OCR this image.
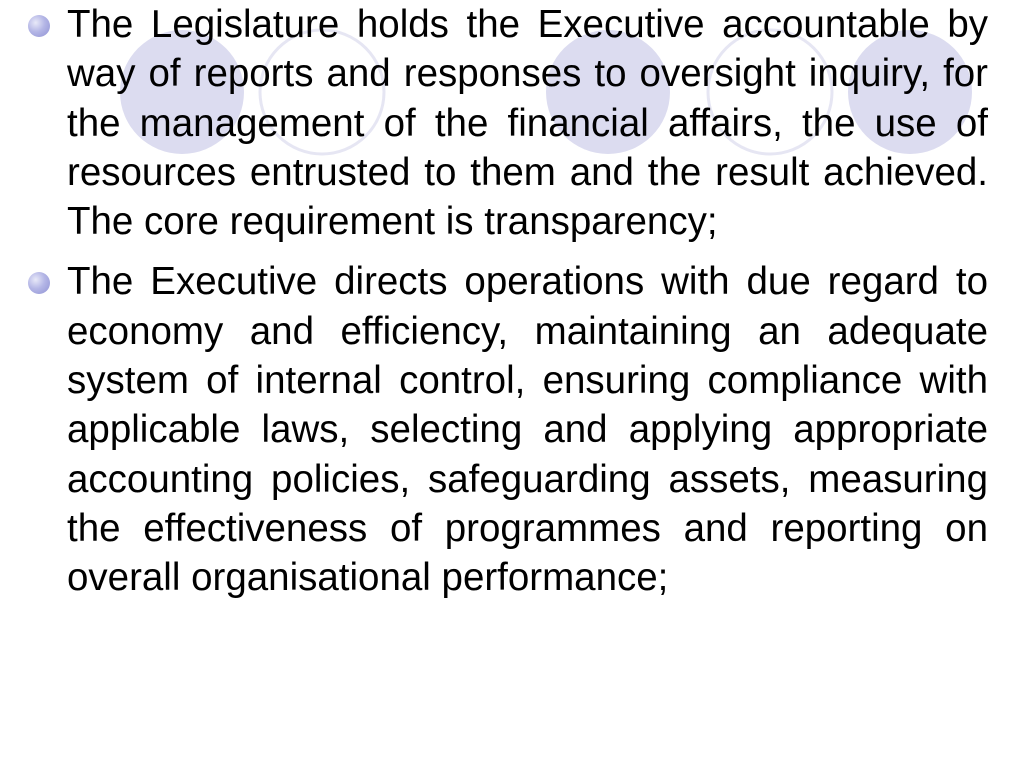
The Legislature holds the Executive accountable by way of reports and responses to oversight inquiry, for the management of the financial affairs, the use of resources entrusted to them and the result achieved. The core requirement is transparency;
The Executive directs operations with due regard to economy and efficiency, maintaining an adequate system of internal control, ensuring compliance with applicable laws, selecting and applying appropriate accounting policies, safeguarding assets, measuring the effectiveness of programmes and reporting on overall organisational performance;
